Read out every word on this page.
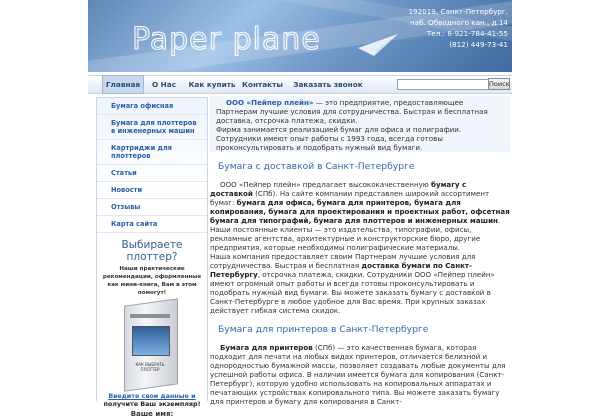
Paper plane
192019, Санкт-Петербург,
наб. Обводного кан., д.14
Тел.: 8-921-784-41-55
(812) 449-73-41
Главная	О Нас	Как купить Контакты	Заказать звонок	Поиск
Бумага офисная
Бумага для плоттеров в инженерных машин
Картриджи для плоттеров
Статьи
Новости
Отзывы
Карта сайта
Выбираете
плоттер?
Наши практические рекомендации, оформленные как мини-книга, Вам в этом помогут!
КАК ВЫБРАТЬ ПЛОТТЕР
Введите свои данные и
получите Ваш экземпляр!
Ваше имя:

ООО «Пейпер плейн» — это предприятие, предоставляющее Партнерам лучшие условия для сотрудничества. Быстрая и бесплатная доставка, отсрочка платежа, скидки.

Фирма занимается реализацией бумаг для офиса и полиграфии. Сотрудники имеют опыт работы с 1993 года, всегда готовы проконсультировать и подобрать нужный вид бумаги.

Бумага с доставкой в Санкт-Петербурге

ООО «Пейпер плейн» предлагает высококачественную бумагу с доставкой (СПб). На сайте компании представлен широкий ассортимент бумаг: бумага для офиса, бумага для принтеров, бумага для копирования, бумага для проектирования и проектных работ, офсетная бумага для типографий, бумага для плоттеров и инженерных машин. Наши постоянные клиенты — это издательства, типографии, офисы, рекламные агентства, архитектурные и конструкторские бюро, другие предприятия, которые необходимы полиграфические материалы.

Наша компания предоставляет своим Партнерам лучшие условия для сотрудничества. Быстрая и бесплатная доставка бумаги по Санкт-Петербургу, отсрочка платежа, скидки. Сотрудники ООО «Пейпер плейн» имеют огромный опыт работы и всегда готовы проконсультировать и подобрать нужный вид бумаги. Вы можете заказать бумагу с доставкой в Санкт-Петербурге в любое удобное для Вас время. При крупных заказах действует гибкая система скидок.

Бумага для принтеров в Санкт-Петербурге

Бумага для принтеров (СПб) — это качественная бумага, которая подходит для печати на любых видах принтеров, отличается белизной и однородностью бумажной массы, позволяет создавать любые документы для успешной работы офиса. В наличии имеется бумага для копирования (Санкт-Петербург), которую удобно использовать на копировальных аппаратах и печатающих устройствах копировального типа. Вы можете заказать бумагу для принтеров и бумагу для копирования в Санкт-
